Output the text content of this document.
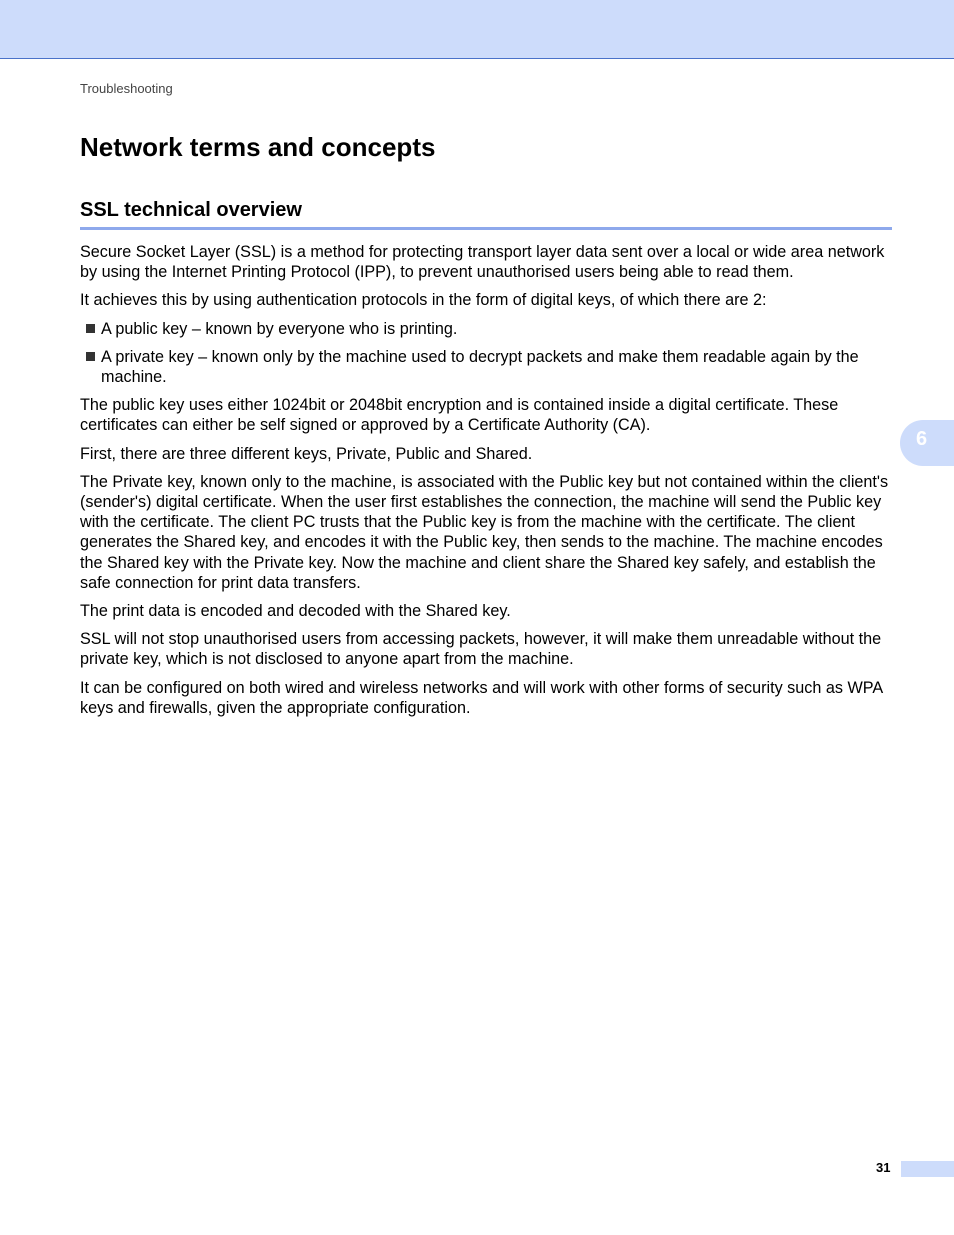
Troubleshooting
Network terms and concepts
SSL technical overview

Secure Socket Layer (SSL) is a method for protecting transport layer data sent over a local or wide area network by using the Internet Printing Protocol (IPP), to prevent unauthorised users being able to read them.

It achieves this by using authentication protocols in the form of digital keys, of which there are 2:

A public key – known by everyone who is printing.
A private key – known only by the machine used to decrypt packets and make them readable again by the machine.

The public key uses either 1024bit or 2048bit encryption and is contained inside a digital certificate. These certificates can either be self signed or approved by a Certificate Authority (CA).

First, there are three different keys, Private, Public and Shared.

The Private key, known only to the machine, is associated with the Public key but not contained within the client's (sender's) digital certificate. When the user first establishes the connection, the machine will send the Public key with the certificate. The client PC trusts that the Public key is from the machine with the certificate. The client generates the Shared key, and encodes it with the Public key, then sends to the machine. The machine encodes the Shared key with the Private key. Now the machine and client share the Shared key safely, and establish the safe connection for print data transfers.

The print data is encoded and decoded with the Shared key.

SSL will not stop unauthorised users from accessing packets, however, it will make them unreadable without the private key, which is not disclosed to anyone apart from the machine.

It can be configured on both wired and wireless networks and will work with other forms of security such as WPA keys and firewalls, given the appropriate configuration.

6
31
